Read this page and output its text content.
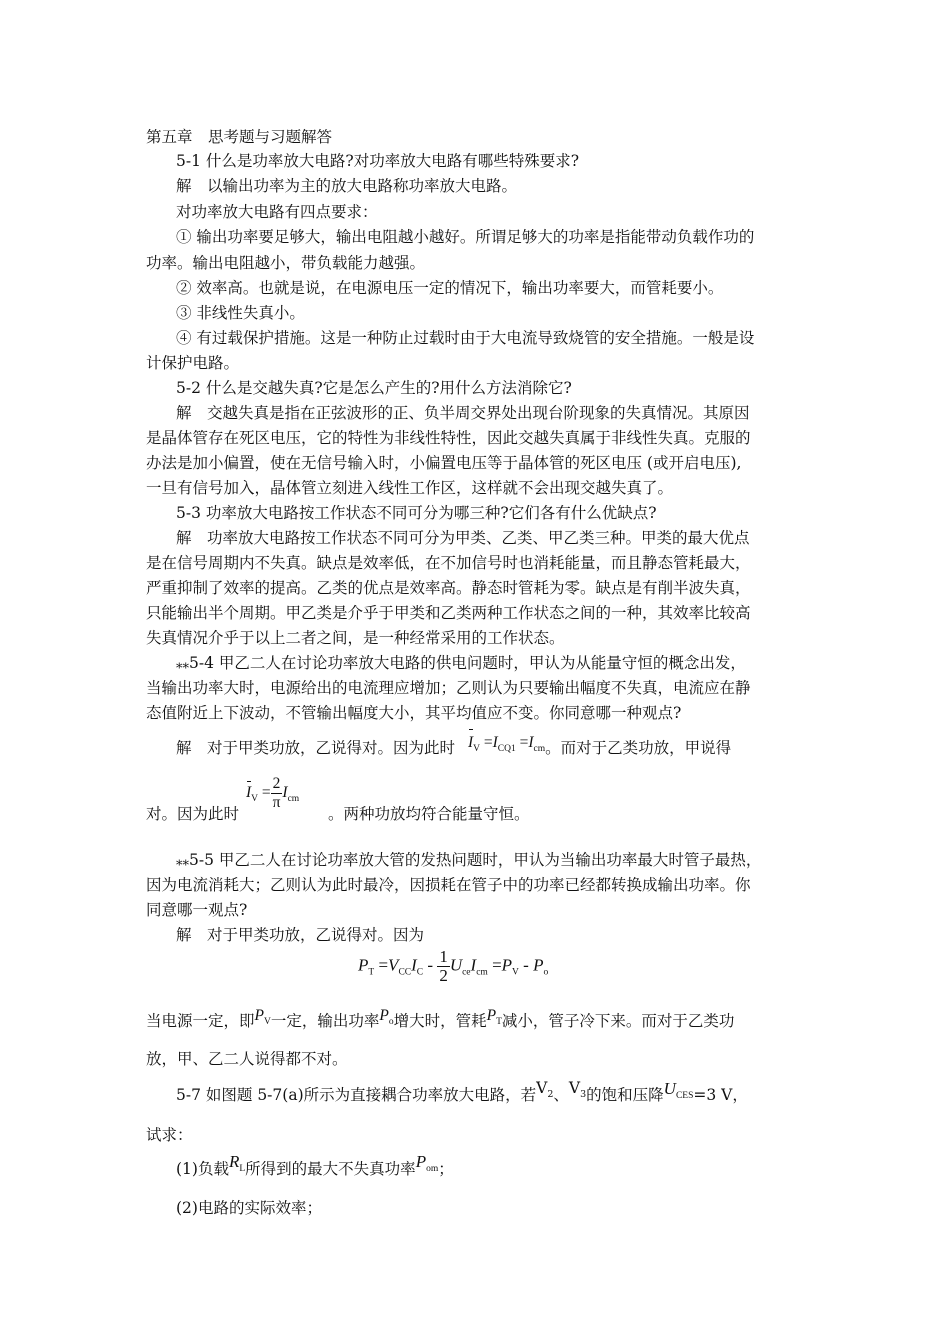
第五章　思考题与习题解答
5-1 什么是功率放大电路?对功率放大电路有哪些特殊要求?
解　以输出功率为主的放大电路称功率放大电路。
对功率放大电路有四点要求：
① 输出功率要足够大，输出电阻越小越好。所谓足够大的功率是指能带动负载作功的
功率。输出电阻越小，带负载能力越强。
② 效率高。也就是说，在电源电压一定的情况下，输出功率要大，而管耗要小。
③ 非线性失真小。
④ 有过载保护措施。这是一种防止过载时由于大电流导致烧管的安全措施。一般是设
计保护电路。
5-2 什么是交越失真?它是怎么产生的?用什么方法消除它?
解　交越失真是指在正弦波形的正、负半周交界处出现台阶现象的失真情况。其原因
是晶体管存在死区电压，它的特性为非线性特性，因此交越失真属于非线性失真。克服的
办法是加小偏置，使在无信号输入时，小偏置电压等于晶体管的死区电压 (或开启电压),
一旦有信号加入，晶体管立刻进入线性工作区，这样就不会出现交越失真了。
5-3 功率放大电路按工作状态不同可分为哪三种?它们各有什么优缺点?
解　功率放大电路按工作状态不同可分为甲类、乙类、甲乙类三种。甲类的最大优点
是在信号周期内不失真。缺点是效率低，在不加信号时也消耗能量，而且静态管耗最大，
严重抑制了效率的提高。乙类的优点是效率高。静态时管耗为零。缺点是有削半波失真，
只能输出半个周期。甲乙类是介乎于甲类和乙类两种工作状态之间的一种，其效率比较高
失真情况介乎于以上二者之间，是一种经常采用的工作状态。
⁎⁎5-4 甲乙二人在讨论功率放大电路的供电问题时，甲认为从能量守恒的概念出发，
当输出功率大时，电源给出的电流理应增加；乙则认为只要输出幅度不失真，电流应在静
态值附近上下波动，不管输出幅度大小，其平均值应不变。你同意哪一种观点?
解　对于甲类功放，乙说得对。因为此时 $I_V =I_{CQ1} =I_{cm}$。而对于乙类功放，甲说得
对。因为此时
$I_V = \frac{2}{\pi} I_{cm}$
。两种功放均符合能量守恒。
⁎⁎5-5 甲乙二人在讨论功率放大管的发热问题时，甲认为当输出功率最大时管子最热，
因为电流消耗大；乙则认为此时最冷，因损耗在管子中的功率已经都转换成输出功率。你
同意哪一观点?
解　对于甲类功放，乙说得对。因为
$P_T =V_{CC}I_C - \frac{1}{2} U_{ce}I_{cm} =P_V - P_o$
当电源一定，即$P_V$一定，输出功率$P_o$增大时，管耗$P_T$减小，管子冷下来。而对于乙类功
放，甲、乙二人说得都不对。
5-7 如图题 5-7(a)所示为直接耦合功率放大电路，若$V_2$、$V_3$的饱和压降$U_{CES}=3$ V，
试求：
(1)负载$R_L$所得到的最大不失真功率$P_{om}$；
(2)电路的实际效率；
